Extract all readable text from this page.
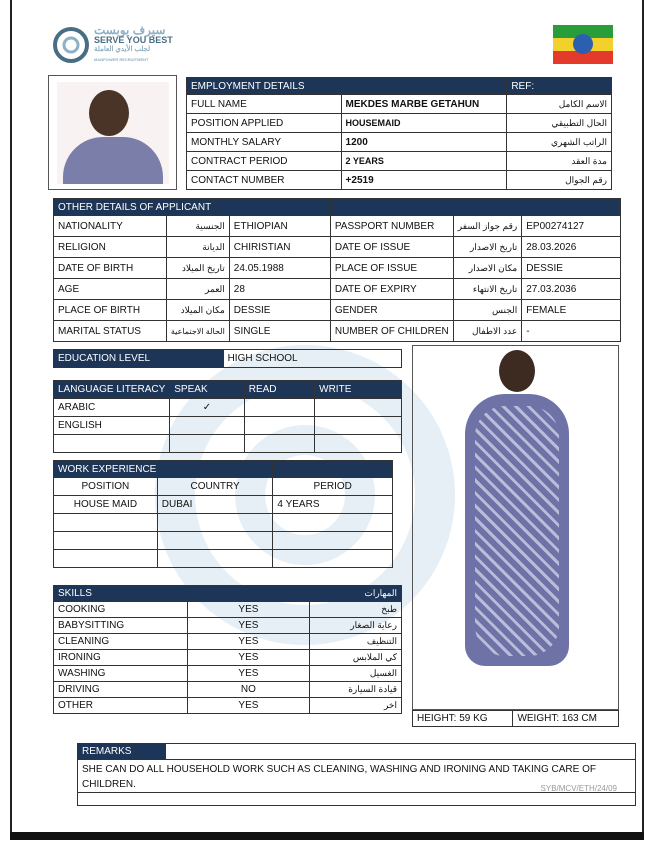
سيرف يوبست
SERVE YOU BEST
لجلب الأيدي العاملة
MANPOWER RECRUITMENT
EMPLOYMENT DETAILS		REF:
FULL NAME	MEKDES MARBE GETAHUN	الاسم الكامل
POSITION APPLIED	HOUSEMAID	الحال التطبيقي
MONTHLY SALARY	1200	الراتب الشهري
CONTRACT PERIOD	2 YEARS	مدة العقد
CONTACT NUMBER	+2519	رقم الجوال
OTHER DETAILS OF APPLICANT					
NATIONALITY	الجنسية	ETHIOPIAN	PASSPORT NUMBER	رقم جواز السفر	EP00274127
RELIGION	الديانة	CHIRISTIAN	DATE OF ISSUE	تاريخ الاصدار	28.03.2026
DATE OF BIRTH	تاريخ الميلاد	24.05.1988	PLACE OF ISSUE	مكان الاصدار	DESSIE
AGE	العمر	28	DATE OF EXPIRY	تاريخ الانتهاء	27.03.2036
PLACE OF BIRTH	مكان الميلاد	DESSIE	GENDER	الجنس	FEMALE
MARITAL STATUS	الحالة الاجتماعية	SINGLE	NUMBER OF CHILDREN	عدد الاطفال	-
EDUCATION LEVEL	HIGH SCHOOL
LANGUAGE LITERACY	SPEAK	READ	WRITE
ARABIC	✓		
ENGLISH			

WORK EXPERIENCE		
POSITION	COUNTRY	PERIOD
HOUSE MAID	DUBAI	4 YEARS

SKILLS		المهارات
COOKING	YES	طبخ
BABYSITTING	YES	رعاية الصغار
CLEANING	YES	التنظيف
IRONING	YES	كي الملابس
WASHING	YES	الغسيل
DRIVING	NO	قيادة السيارة
OTHER	YES	اخر
HEIGHT: 59 KG	WEIGHT: 163 CM
REMARKS
SHE CAN DO ALL HOUSEHOLD WORK SUCH AS CLEANING, WASHING AND IRONING AND TAKING CARE OF CHILDREN.	SYB/MCV/ETH/24/09
